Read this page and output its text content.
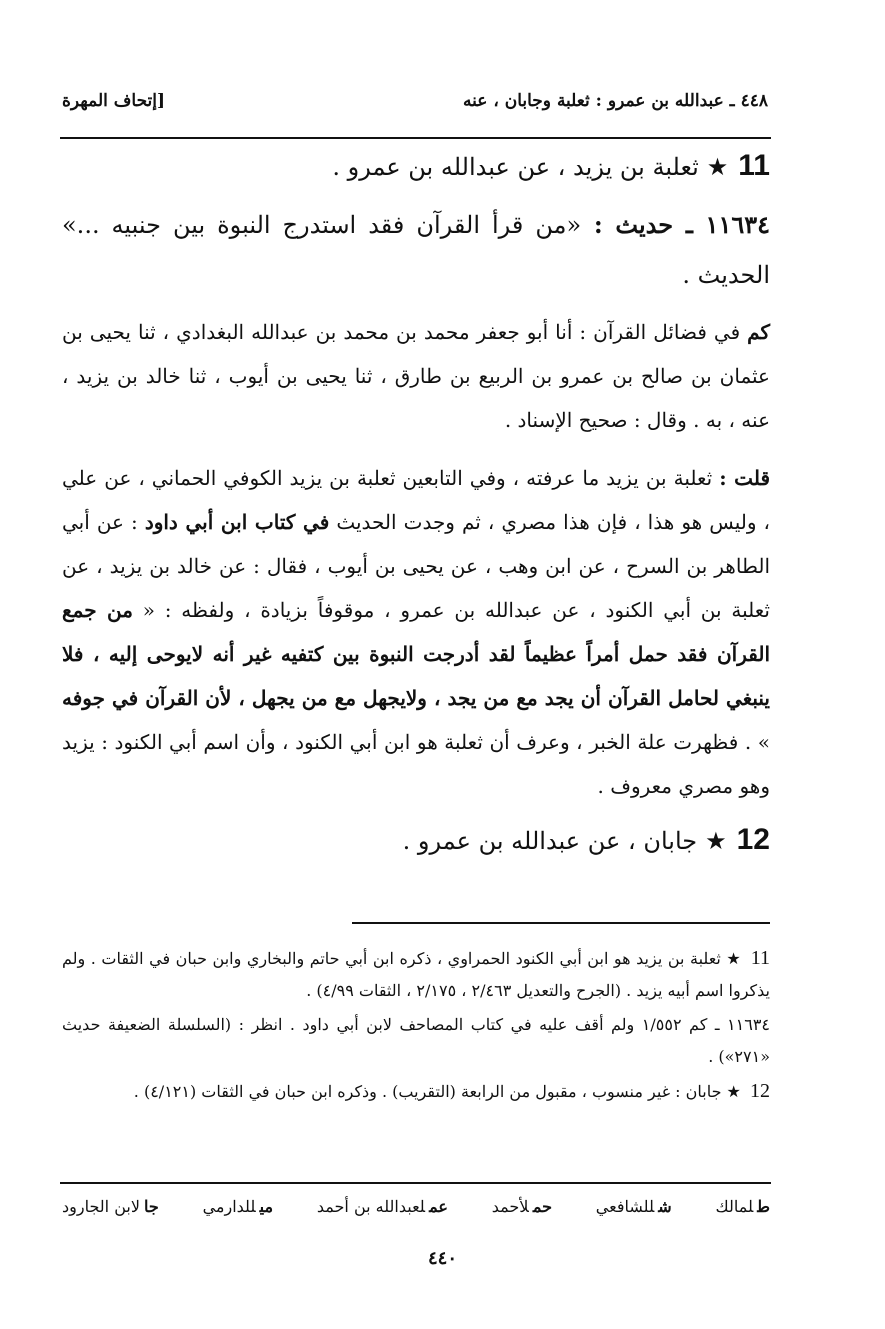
٤٤٨ ـ عبدالله بن عمرو : ثعلبة وجابان ، عنه
[إتحاف المهرة
11★ثعلبة بن يزيد ، عن عبدالله بن عمرو .
١١٦٣٤ ـ حديث : «من قرأ القرآن فقد استدرج النبوة بين جنبيه ...» الحديث .
كم في فضائل القرآن : أنا أبو جعفر محمد بن محمد بن عبدالله البغدادي ، ثنا يحيى بن عثمان بن صالح بن عمرو بن الربيع بن طارق ، ثنا يحيى بن أيوب ، ثنا خالد بن يزيد ، عنه ، به . وقال : صحيح الإسناد .
قلت : ثعلبة بن يزيد ما عرفته ، وفي التابعين ثعلبة بن يزيد الكوفي الحماني ، عن علي ، وليس هو هذا ، فإن هذا مصري ، ثم وجدت الحديث في كتاب ابن أبي داود : عن أبي الطاهر بن السرح ، عن ابن وهب ، عن يحيى بن أيوب ، فقال : عن خالد بن يزيد ، عن ثعلبة بن أبي الكنود ، عن عبدالله بن عمرو ، موقوفاً بزيادة ، ولفظه : « من جمع القرآن فقد حمل أمراً عظيماً لقد أدرجت النبوة بين كتفيه غير أنه لايوحى إليه ، فلا ينبغي لحامل القرآن أن يجد مع من يجد ، ولايجهل مع من يجهل ، لأن القرآن في جوفه » . فظهرت علة الخبر ، وعرف أن ثعلبة هو ابن أبي الكنود ، وأن اسم أبي الكنود : يزيد وهو مصري معروف .
12★جابان ، عن عبدالله بن عمرو .

11 ★ ثعلبة بن يزيد هو ابن أبي الكنود الحمراوي ، ذكره ابن أبي حاتم والبخاري وابن حبان في الثقات . ولم يذكروا اسم أبيه يزيد . (الجرح والتعديل ٢/٤٦٣ ، ٢/١٧٥ ، الثقات ٤/٩٩) .

١١٦٣٤ ـ كم ١/٥٥٢ ولم أقف عليه في كتاب المصاحف لابن أبي داود . انظر : (السلسلة الضعيفة حديث «٢٧١») .

12 ★ جابان : غير منسوب ، مقبول من الرابعة (التقريب) . وذكره ابن حبان في الثقات (٤/١٢١) .

طلمالك
شللشافعي
حملأحمد
عملعبدالله بن أحمد
ميللدارمي
جالابن الجارود
٤٤٠
